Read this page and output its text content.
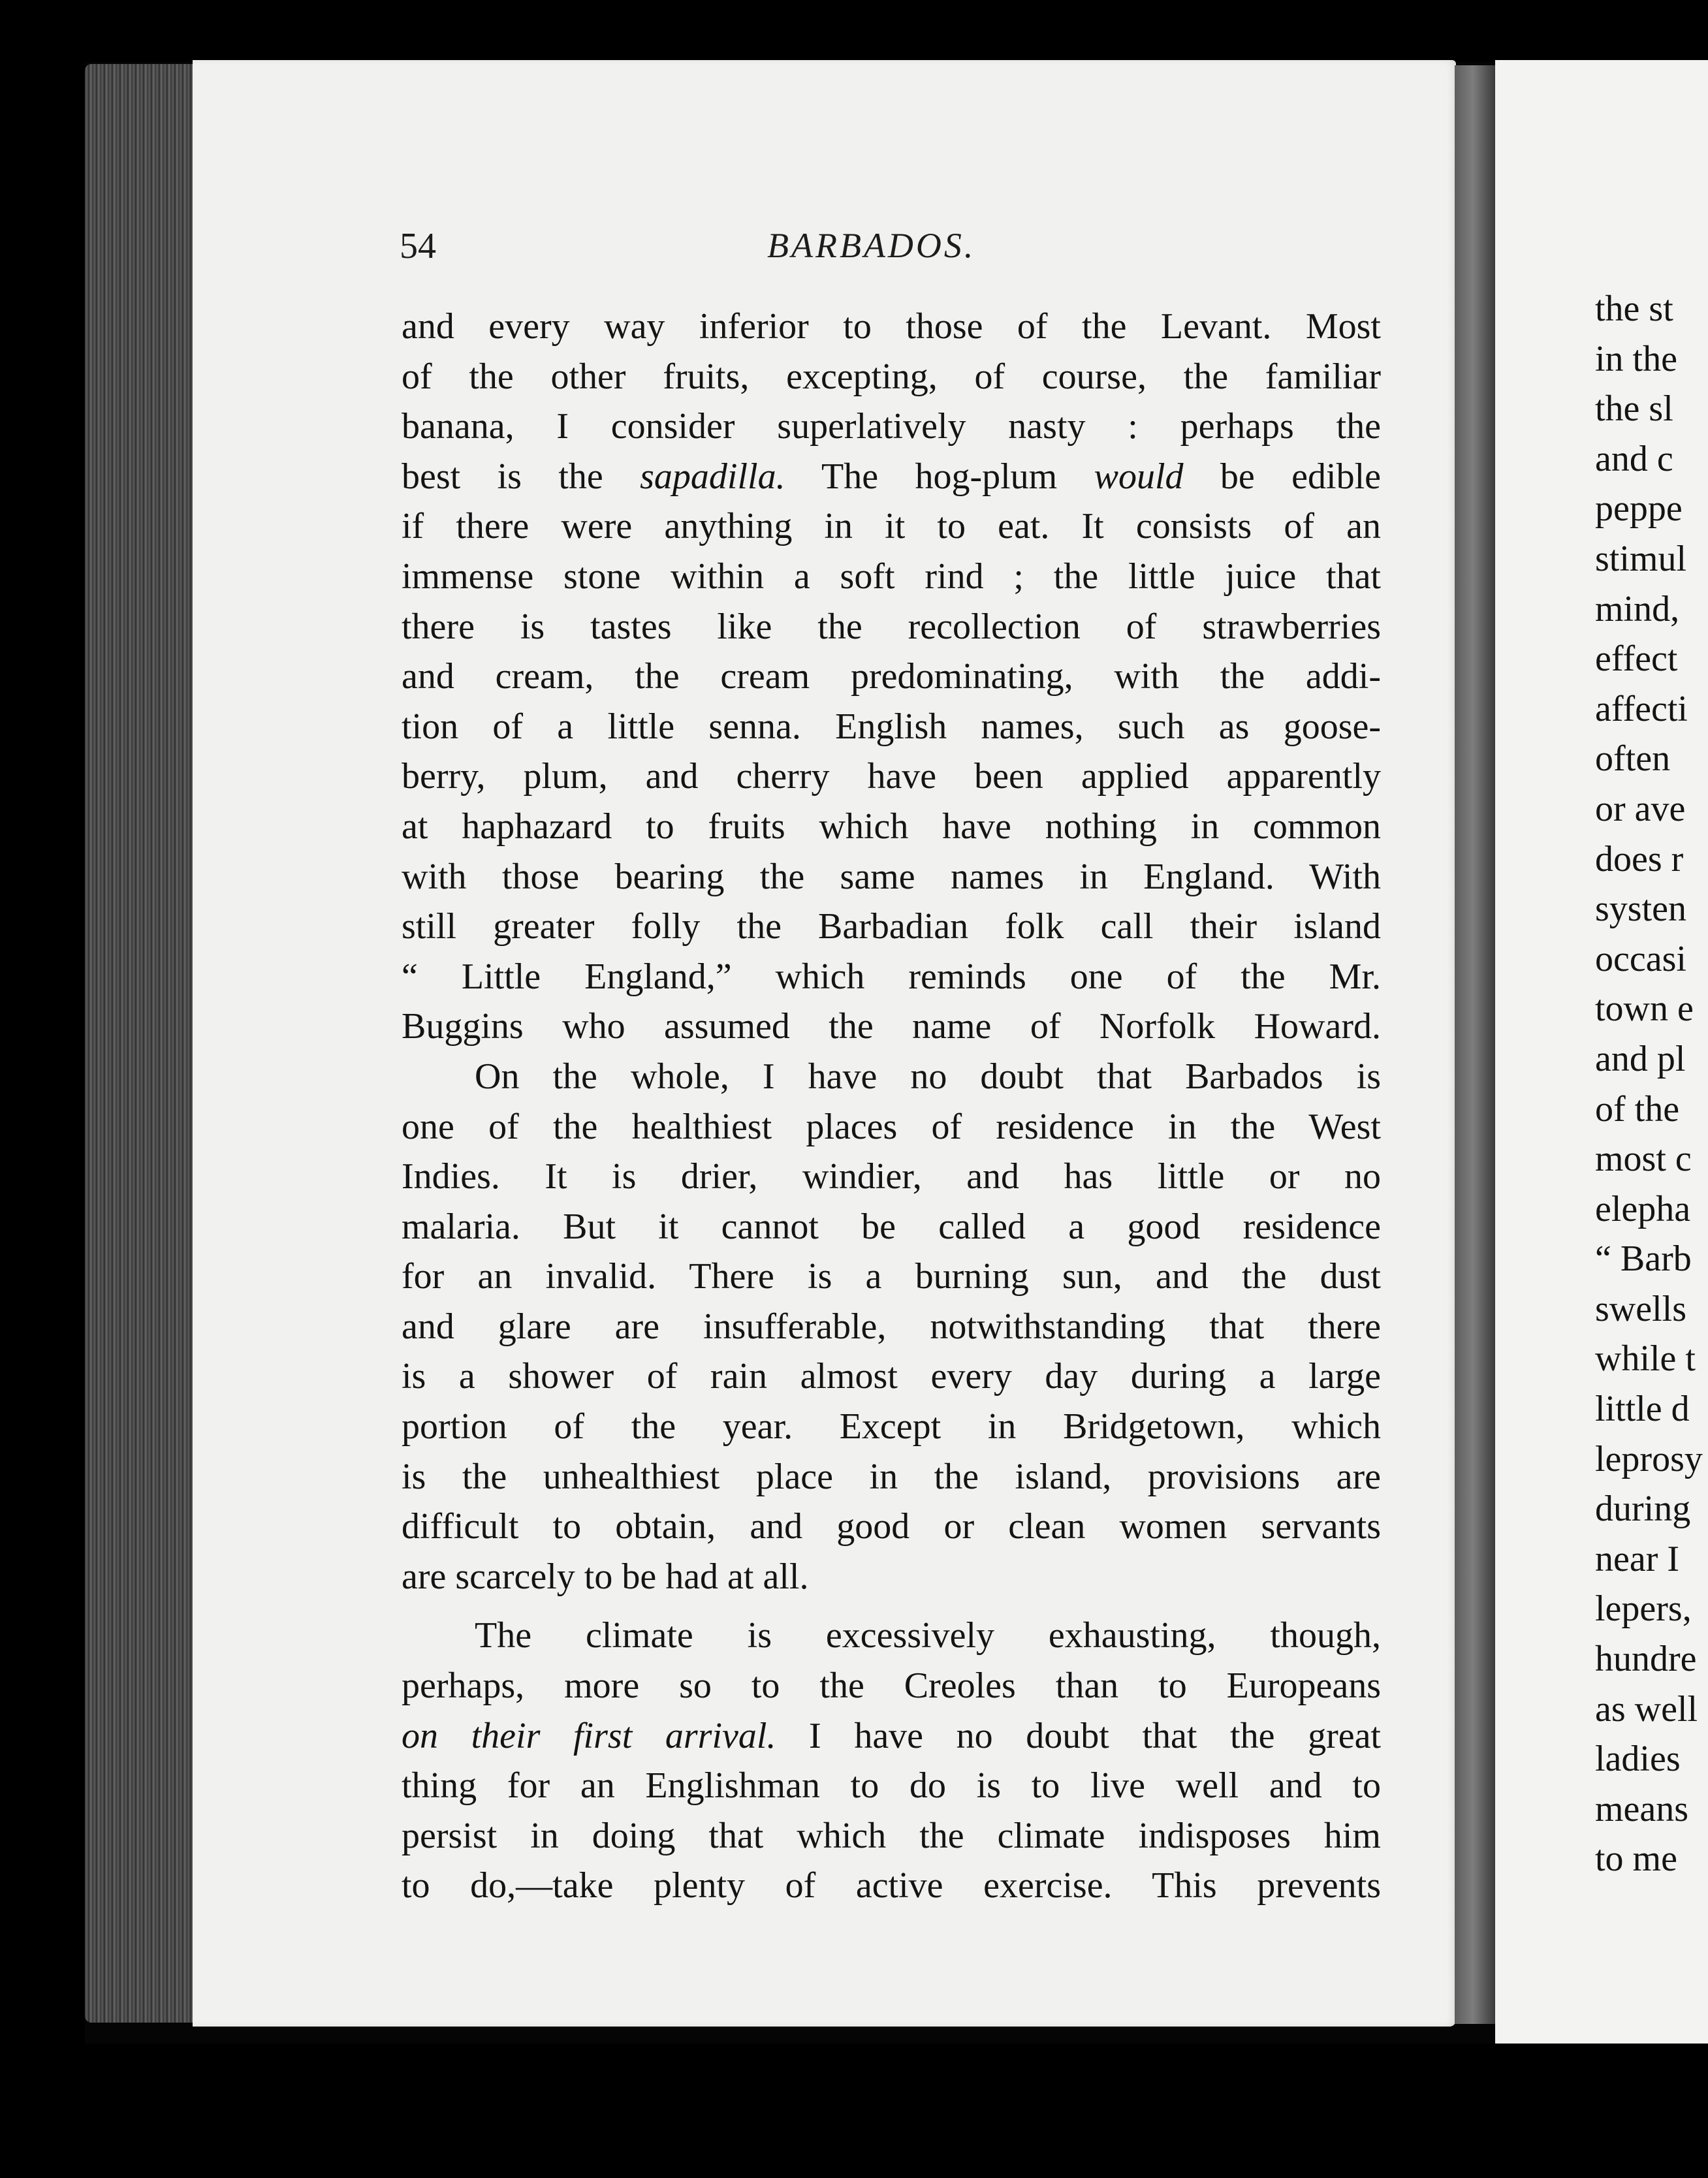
54	BARBADOS.
and every way inferior to those of the Levant. Most
of the other fruits, excepting, of course, the familiar
banana, I consider superlatively nasty : perhaps the
best is the sapadilla. The hog-plum would be edible
if there were anything in it to eat. It consists of an
immense stone within a soft rind ; the little juice that
there is tastes like the recollection of strawberries
and cream, the cream predominating, with the addi-
tion of a little senna. English names, such as goose-
berry, plum, and cherry have been applied apparently
at haphazard to fruits which have nothing in common
with those bearing the same names in England. With
still greater folly the Barbadian folk call their island
“ Little England,” which reminds one of the Mr.
Buggins who assumed the name of Norfolk Howard.
On the whole, I have no doubt that Barbados is
one of the healthiest places of residence in the West
Indies. It is drier, windier, and has little or no
malaria. But it cannot be called a good residence
for an invalid. There is a burning sun, and the dust
and glare are insufferable, notwithstanding that there
is a shower of rain almost every day during a large
portion of the year. Except in Bridgetown, which
is the unhealthiest place in the island, provisions are
difficult to obtain, and good or clean women servants
are scarcely to be had at all.
The climate is excessively exhausting, though,
perhaps, more so to the Creoles than to Europeans
on their first arrival. I have no doubt that the great
thing for an Englishman to do is to live well and to
persist in doing that which the climate indisposes him
to do,—take plenty of active exercise. This prevents
the st
in the
the sl
and c
peppe
stimul
mind,
effect
affecti
often
or ave
does r
systen
occasi
town e
and pl
of the
most c
elepha
“ Barb
swells
while t
little d
leprosy
during
near I
lepers,
hundre
as well
ladies
means
to me
